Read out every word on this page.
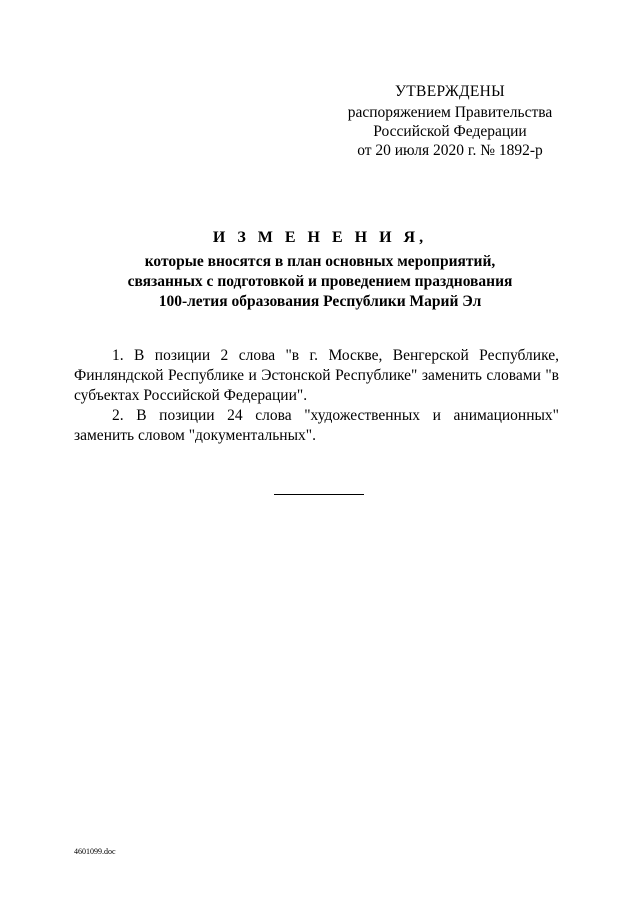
УТВЕРЖДЕНЫ
распоряжением Правительства
Российской Федерации
от 20 июля 2020 г. № 1892-р
И З М Е Н Е Н И Я,
которые вносятся в план основных мероприятий,
связанных с подготовкой и проведением празднования
100-летия образования Республики Марий Эл

1. В позиции 2 слова "в г. Москве, Венгерской Республике, Финляндской Республике и Эстонской Республике" заменить словами "в субъектах Российской Федерации".

2. В позиции 24 слова "художественных и анимационных" заменить словом "документальных".

4601099.doc
